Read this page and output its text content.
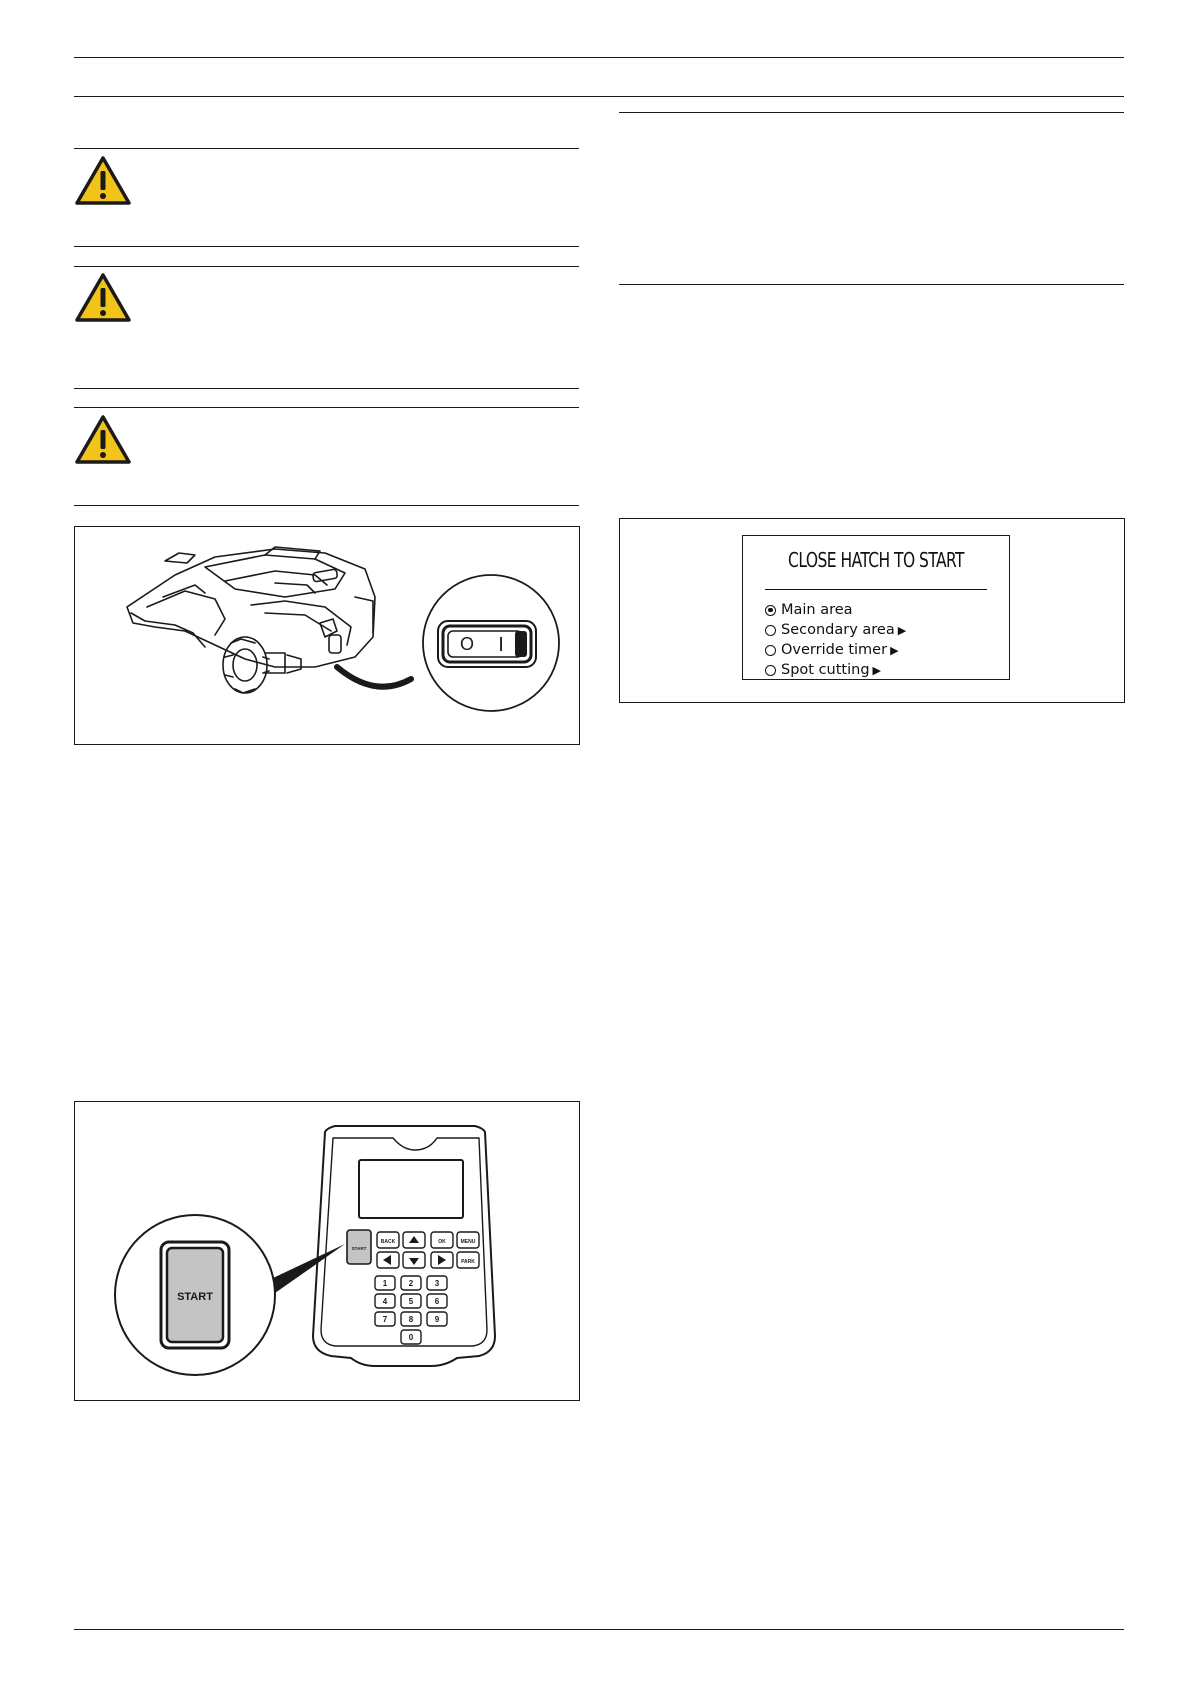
O I
START
BACK	OK	MENU
PARK
1	2	3
4	5	6
7	8	9
0
START
CLOSE HATCH TO START
Main area
Secondary area ▶
Override timer ▶
Spot cutting ▶
